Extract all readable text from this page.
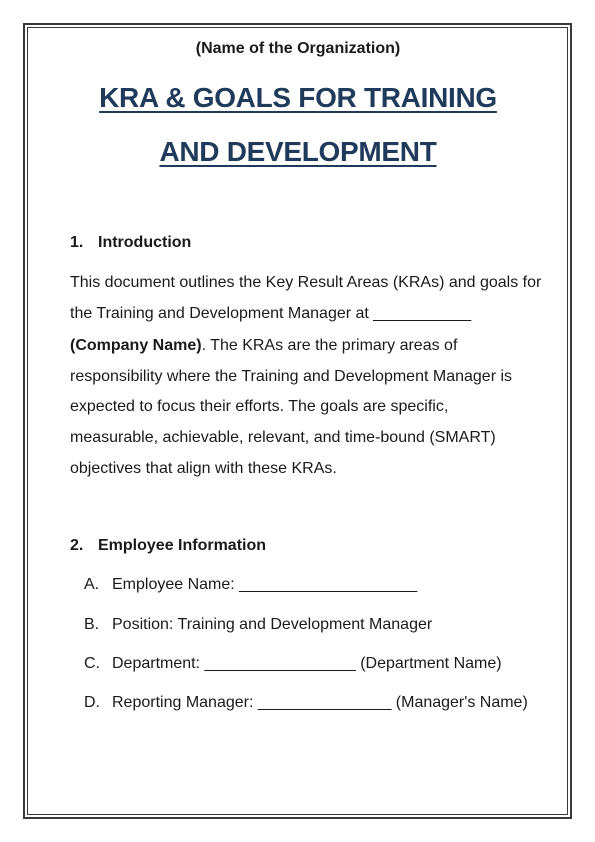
(Name of the Organization)
KRA & GOALS FOR TRAINING
AND DEVELOPMENT
1. Introduction
This document outlines the Key Result Areas (KRAs) and goals for
the Training and Development Manager at ___________
(Company Name). The KRAs are the primary areas of
responsibility where the Training and Development Manager is
expected to focus their efforts. The goals are specific,
measurable, achievable, relevant, and time-bound (SMART)
objectives that align with these KRAs.
2. Employee Information
A. Employee Name: ____________________
B. Position: Training and Development Manager
C. Department: _________________ (Department Name)
D. Reporting Manager: _______________ (Manager's Name)
